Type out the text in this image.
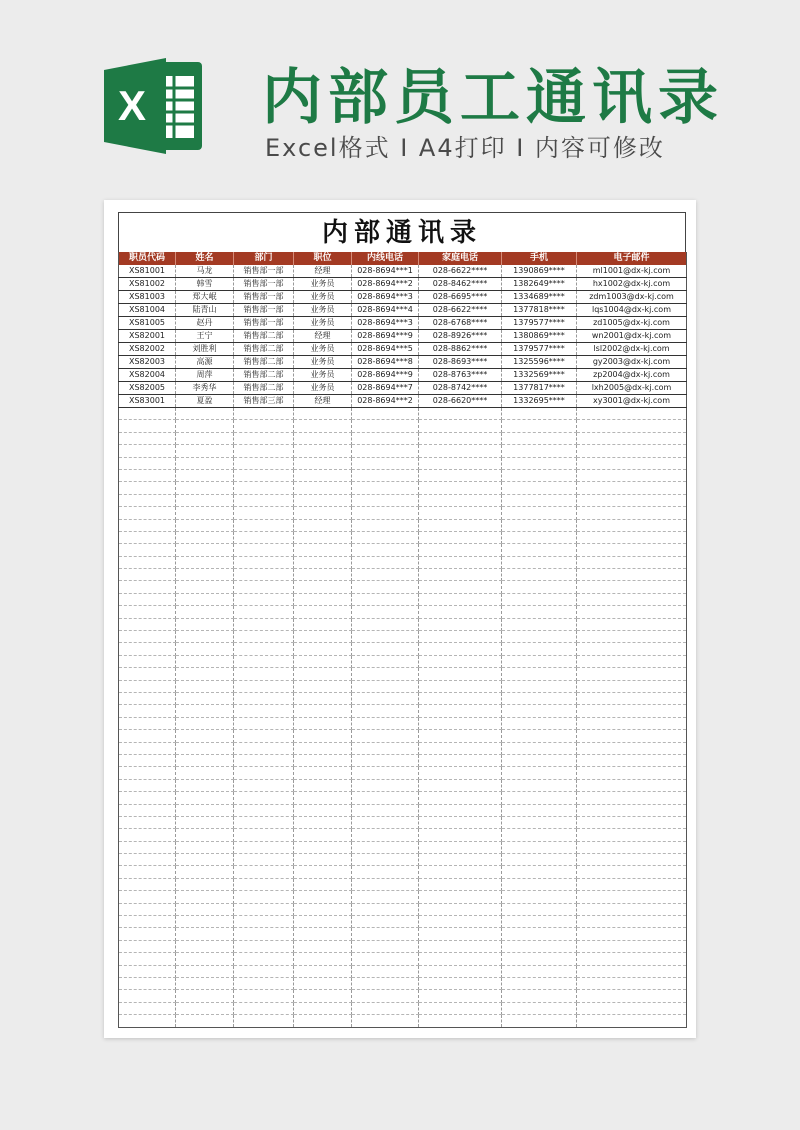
X 内部员工通讯录
Excel格式 I A4打印 I 内容可修改
内部通讯录
职员代码	姓名	部门	职位	内线电话	家庭电话	手机	电子邮件
XS81001	马龙	销售部一部	经理	028-8694***1	028-6622****	1390869****	ml1001@dx-kj.com
XS81002	韩雪	销售部一部	业务员	028-8694***2	028-8462****	1382649****	hx1002@dx-kj.com
XS81003	郑大岷	销售部一部	业务员	028-8694***3	028-6695****	1334689****	zdm1003@dx-kj.com
XS81004	陆青山	销售部一部	业务员	028-8694***4	028-6622****	1377818****	lqs1004@dx-kj.com
XS81005	赵丹	销售部一部	业务员	028-8694***3	028-6768****	1379577****	zd1005@dx-kj.com
XS82001	王宁	销售部二部	经理	028-8694***9	028-8926****	1380869****	wn2001@dx-kj.com
XS82002	刘胜利	销售部二部	业务员	028-8694***5	028-8862****	1379577****	lsl2002@dx-kj.com
XS82003	高源	销售部二部	业务员	028-8694***8	028-8693****	1325596****	gy2003@dx-kj.com
XS82004	周萍	销售部二部	业务员	028-8694***9	028-8763****	1332569****	zp2004@dx-kj.com
XS82005	李秀华	销售部二部	业务员	028-8694***7	028-8742****	1377817****	lxh2005@dx-kj.com
XS83001	夏盈	销售部三部	经理	028-8694***2	028-6620****	1332695****	xy3001@dx-kj.com
